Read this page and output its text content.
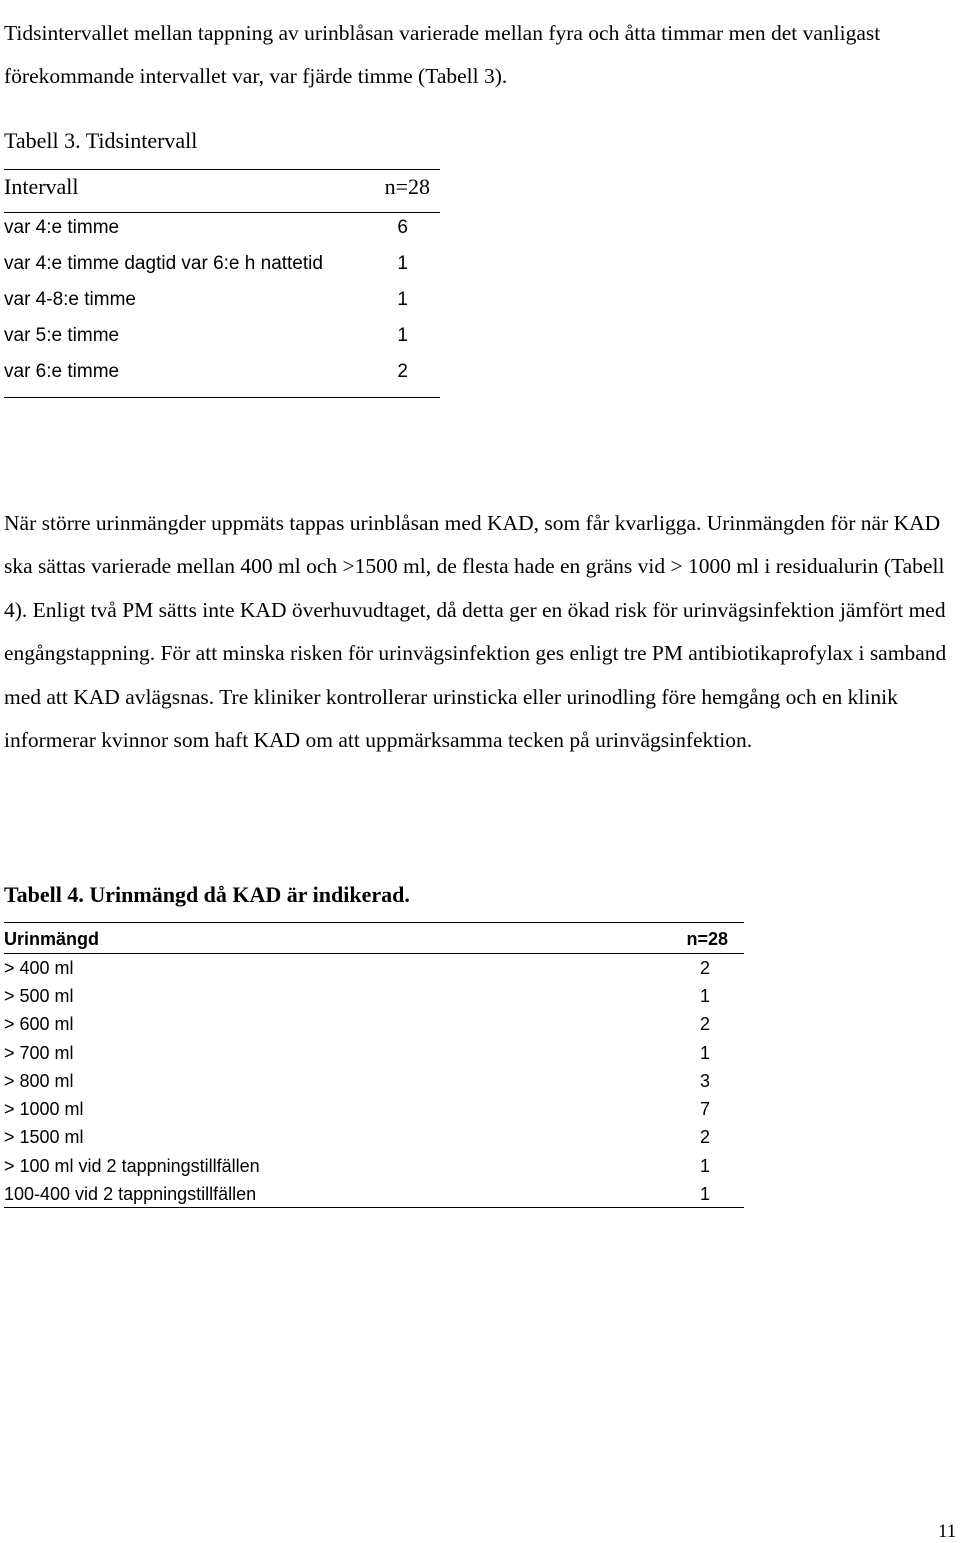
Tidsintervallet mellan tappning av urinblåsan varierade mellan fyra och åtta timmar men det vanligast förekommande intervallet var, var fjärde timme (Tabell 3).

Tabell 3. Tidsintervall
Intervall	n=28
var 4:e timme	6
var 4:e timme dagtid var 6:e h nattetid	1
var 4-8:e timme	1
var 5:e timme	1
var 6:e timme	2

När större urinmängder uppmäts tappas urinblåsan med KAD, som får kvarligga. Urinmängden för när KAD ska sättas varierade mellan 400 ml och >1500 ml, de flesta hade en gräns vid > 1000 ml i residualurin (Tabell 4). Enligt två PM sätts inte KAD överhuvudtaget, då detta ger en ökad risk för urinvägsinfektion jämfört med engångstappning. För att minska risken för urinvägsinfektion ges enligt tre PM antibiotikaprofylax i samband med att KAD avlägsnas. Tre kliniker kontrollerar urinsticka eller urinodling före hemgång och en klinik informerar kvinnor som haft KAD om att uppmärksamma tecken på urinvägsinfektion.

Tabell 4. Urinmängd då KAD är indikerad.
Urinmängd	n=28
> 400 ml	2
> 500 ml	1
> 600 ml	2
> 700 ml	1
> 800 ml	3
> 1000 ml	7
> 1500 ml	2
> 100 ml vid 2 tappningstillfällen	1
100-400 vid 2 tappningstillfällen	1
11
